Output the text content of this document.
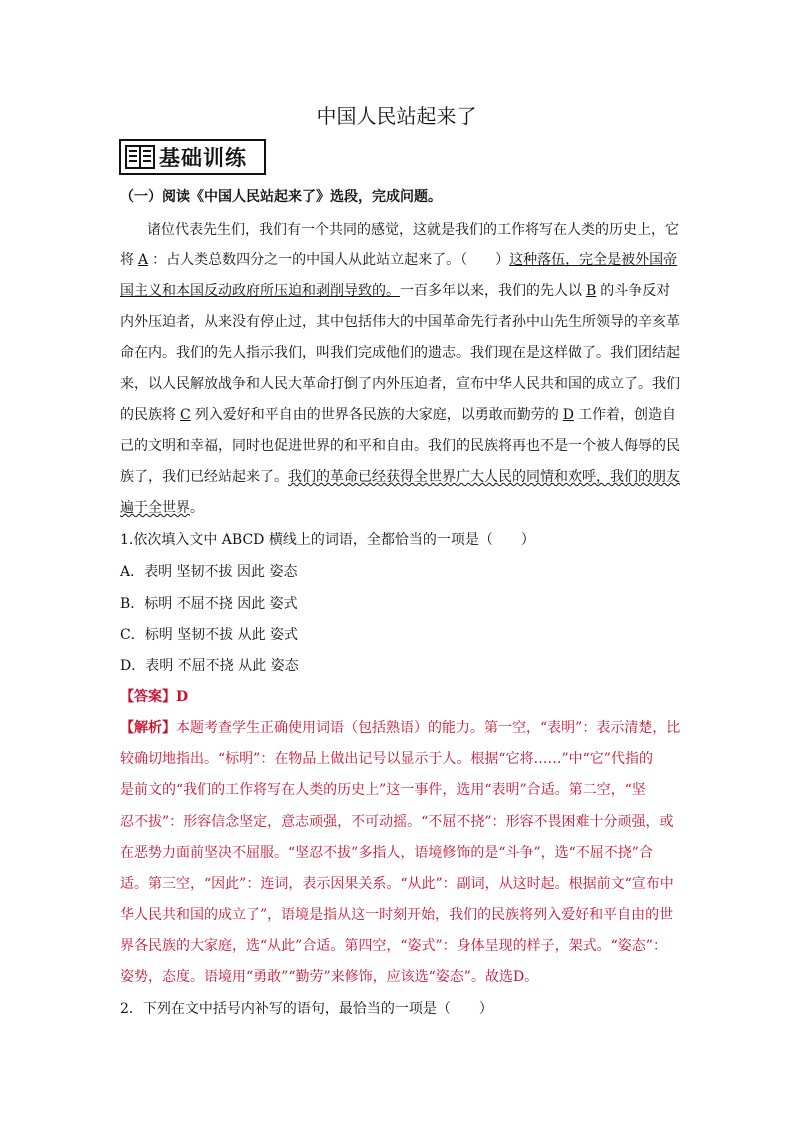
中国人民站起来了
基础训练
（一）阅读《中国人民站起来了》选段，完成问题。
诸位代表先生们，我们有一个共同的感觉，这就是我们的工作将写在人类的历史上，它
将 A ：占人类总数四分之一的中国人从此站立起来了。（　　）这种落伍，完全是被外国帝
国主义和本国反动政府所压迫和剥削导致的。一百多年以来，我们的先人以 B 的斗争反对
内外压迫者，从来没有停止过，其中包括伟大的中国革命先行者孙中山先生所领导的辛亥革
命在内。我们的先人指示我们，叫我们完成他们的遗志。我们现在是这样做了。我们团结起
来，以人民解放战争和人民大革命打倒了内外压迫者，宣布中华人民共和国的成立了。我们
的民族将 C 列入爱好和平自由的世界各民族的大家庭，以勇敢而勤劳的 D 工作着，创造自
己的文明和幸福，同时也促进世界的和平和自由。我们的民族将再也不是一个被人侮辱的民
族了，我们已经站起来了。我们的革命已经获得全世界广大人民的同情和欢呼，我们的朋友
遍于全世界。
1.依次填入文中 ABCD 横线上的词语，全都恰当的一项是（　　）
A．表明 坚韧不拔 因此 姿态
B．标明 不屈不挠 因此 姿式
C．标明 坚韧不拔 从此 姿式
D．表明 不屈不挠 从此 姿态
【答案】D
【解析】本题考查学生正确使用词语（包括熟语）的能力。第一空，“表明”：表示清楚，比
较确切地指出。“标明”：在物品上做出记号以显示于人。根据“它将……”中“它”代指的
是前文的“我们的工作将写在人类的历史上”这一事件，选用“表明”合适。第二空，“坚
忍不拔”：形容信念坚定，意志顽强，不可动摇。“不屈不挠”：形容不畏困难十分顽强，或
在恶势力面前坚决不屈服。“坚忍不拔”多指人，语境修饰的是“斗争”，选“不屈不挠”合
适。第三空，“因此”：连词，表示因果关系。“从此”：副词，从这时起。根据前文“宣布中
华人民共和国的成立了”，语境是指从这一时刻开始，我们的民族将列入爱好和平自由的世
界各民族的大家庭，选“从此”合适。第四空，“姿式”：身体呈现的样子，架式。“姿态”：
姿势，态度。语境用“勇敢”“勤劳”来修饰，应该选“姿态”。故选D。
2．下列在文中括号内补写的语句，最恰当的一项是（　　）
